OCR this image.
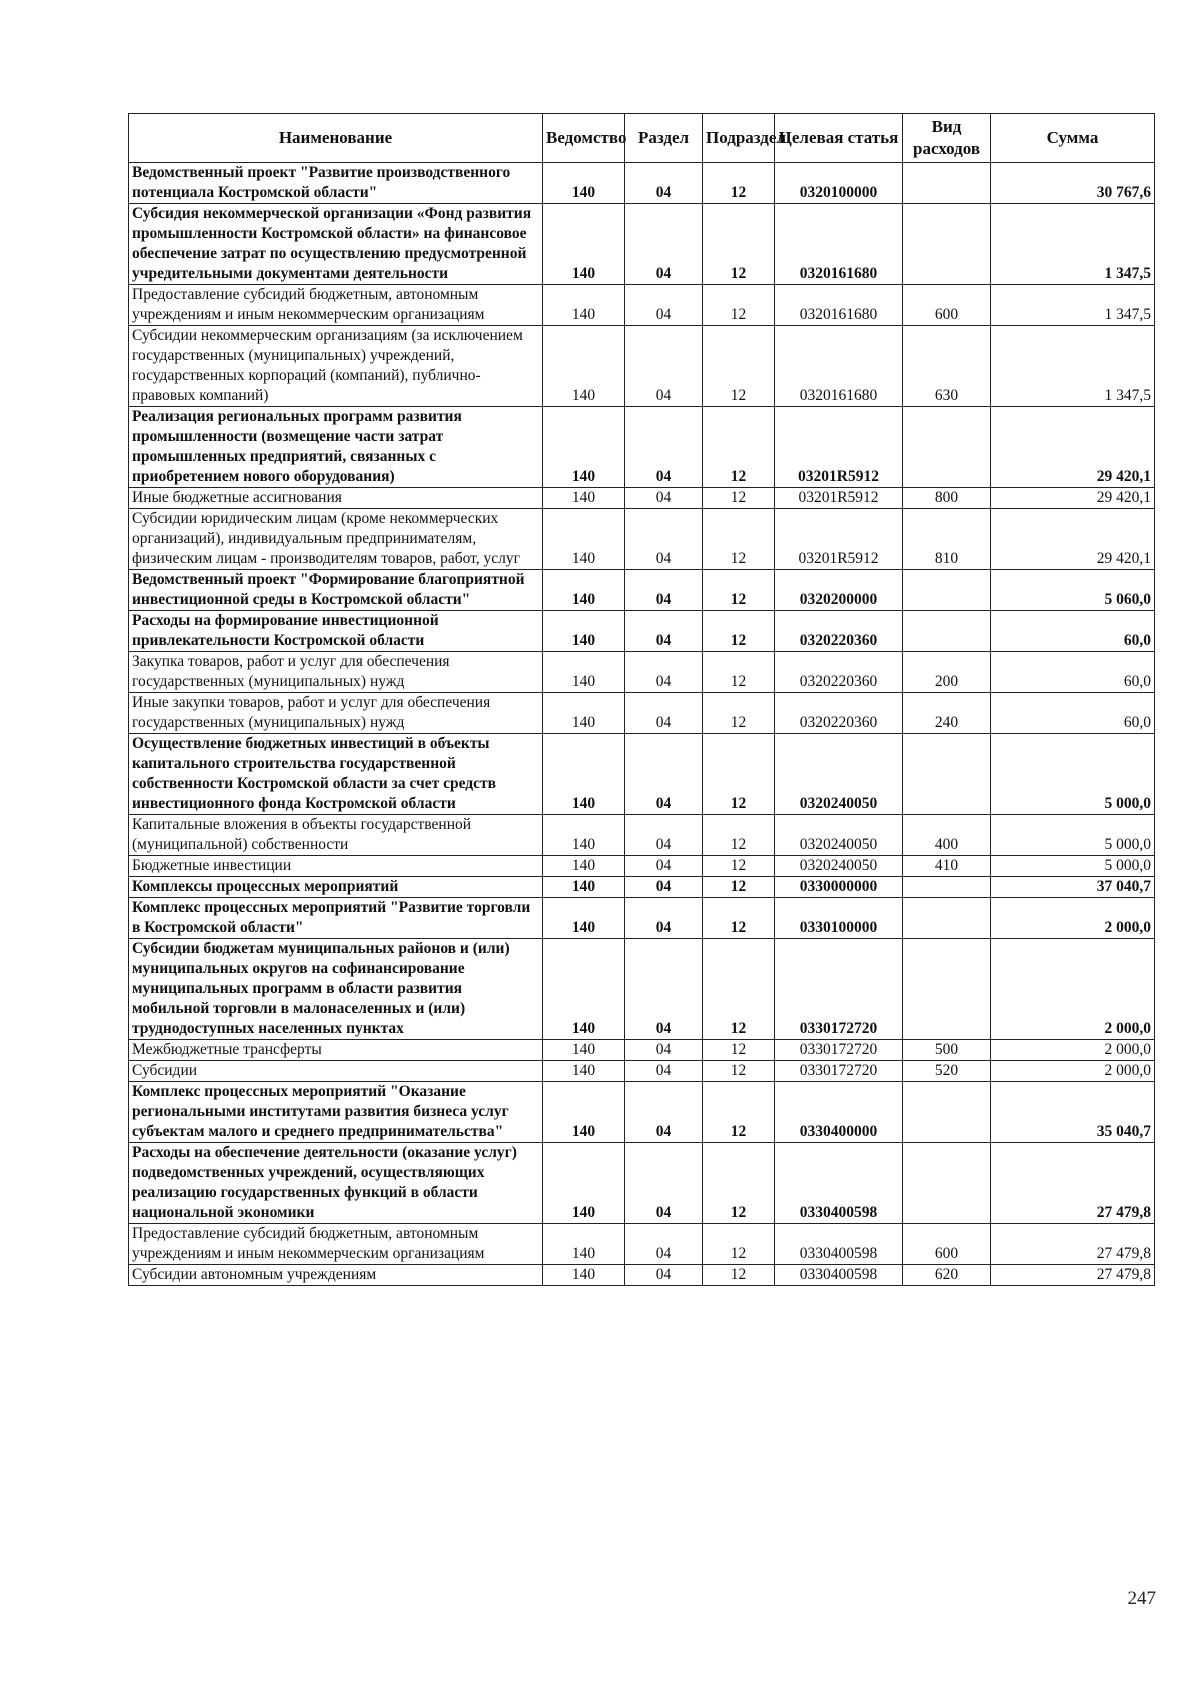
Наименование	Ведомство	Раздел	Подраздел	Целевая статья	Вид расходов	Сумма
Ведомственный проект "Развитие производственного потенциала Костромской области"	140	04	12	0320100000		30 767,6
Субсидия некоммерческой организации «Фонд развития промышленности Костромской области» на финансовое обеспечение затрат по осуществлению предусмотренной учредительными документами деятельности	140	04	12	0320161680		1 347,5
Предоставление субсидий бюджетным, автономным учреждениям и иным некоммерческим организациям	140	04	12	0320161680	600	1 347,5
Субсидии некоммерческим организациям (за исключением государственных (муниципальных) учреждений, государственных корпораций (компаний), публично-правовых компаний)	140	04	12	0320161680	630	1 347,5
Реализация региональных программ развития промышленности (возмещение части затрат промышленных предприятий, связанных с приобретением нового оборудования)	140	04	12	03201R5912		29 420,1
Иные бюджетные ассигнования	140	04	12	03201R5912	800	29 420,1
Субсидии юридическим лицам (кроме некоммерческих организаций), индивидуальным предпринимателям, физическим лицам - производителям товаров, работ, услуг	140	04	12	03201R5912	810	29 420,1
Ведомственный проект "Формирование благоприятной инвестиционной среды в Костромской области"	140	04	12	0320200000		5 060,0
Расходы на формирование инвестиционной привлекательности Костромской области	140	04	12	0320220360		60,0
Закупка товаров, работ и услуг для обеспечения государственных (муниципальных) нужд	140	04	12	0320220360	200	60,0
Иные закупки товаров, работ и услуг для обеспечения государственных (муниципальных) нужд	140	04	12	0320220360	240	60,0
Осуществление бюджетных инвестиций в объекты капитального строительства государственной собственности Костромской области за счет средств инвестиционного фонда Костромской области	140	04	12	0320240050		5 000,0
Капитальные вложения в объекты государственной (муниципальной) собственности	140	04	12	0320240050	400	5 000,0
Бюджетные инвестиции	140	04	12	0320240050	410	5 000,0
Комплексы процессных мероприятий	140	04	12	0330000000		37 040,7
Комплекс процессных мероприятий "Развитие торговли в Костромской области"	140	04	12	0330100000		2 000,0
Субсидии бюджетам муниципальных районов и (или) муниципальных округов на софинансирование муниципальных программ в области развития мобильной торговли в малонаселенных и (или) труднодоступных населенных пунктах	140	04	12	0330172720		2 000,0
Межбюджетные трансферты	140	04	12	0330172720	500	2 000,0
Субсидии	140	04	12	0330172720	520	2 000,0
Комплекс процессных мероприятий "Оказание региональными институтами развития бизнеса услуг субъектам малого и среднего предпринимательства"	140	04	12	0330400000		35 040,7
Расходы на обеспечение деятельности (оказание услуг) подведомственных учреждений, осуществляющих реализацию государственных функций в области национальной экономики	140	04	12	0330400598		27 479,8
Предоставление субсидий бюджетным, автономным учреждениям и иным некоммерческим организациям	140	04	12	0330400598	600	27 479,8
Субсидии автономным учреждениям	140	04	12	0330400598	620	27 479,8
247
